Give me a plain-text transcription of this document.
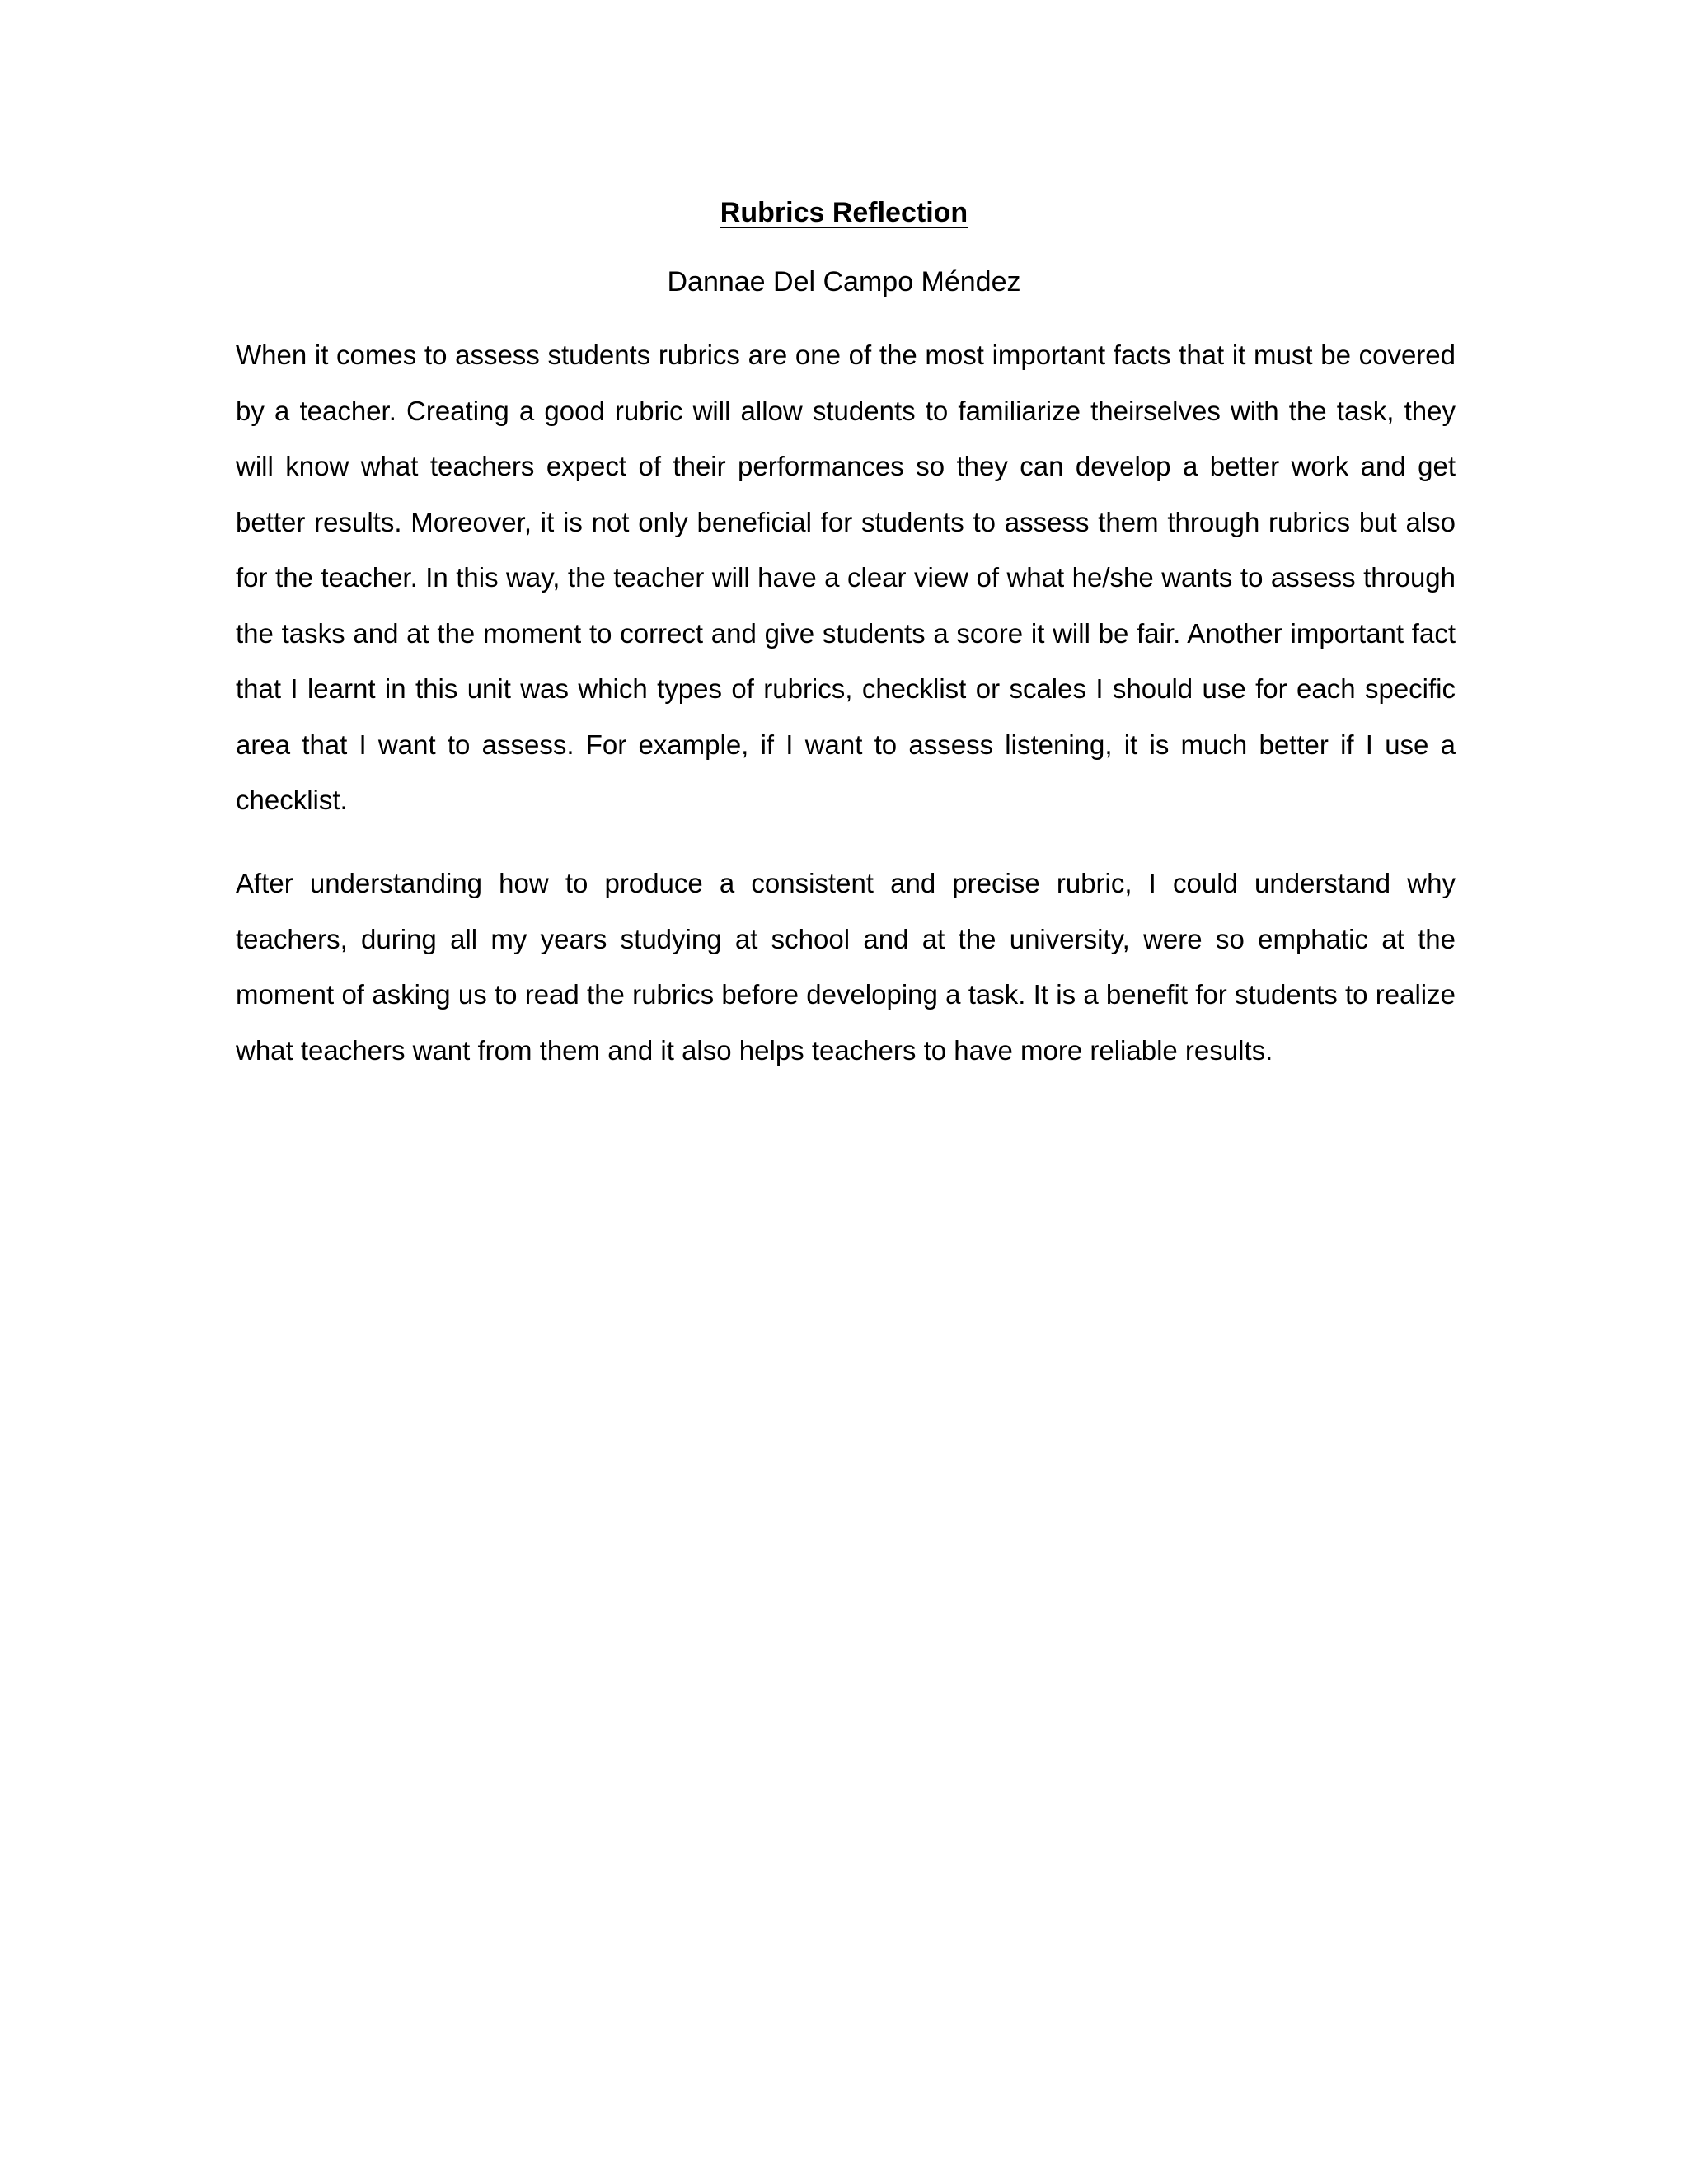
Rubrics Reflection

Dannae Del Campo Méndez

When it comes to assess students rubrics are one of the most important facts that it must be covered by a teacher. Creating a good rubric will allow students to familiarize theirselves with the task, they will know what teachers expect of their performances so they can develop a better work and get better results. Moreover, it is not only beneficial for students to assess them through rubrics but also for the teacher. In this way, the teacher will have a clear view of what he/she wants to assess through the tasks and at the moment to correct and give students a score it will be fair. Another important fact that I learnt in this unit was which types of rubrics, checklist or scales I should use for each specific area that I want to assess. For example, if I want to assess listening, it is much better if I use a checklist.

After understanding how to produce a consistent and precise rubric, I could understand why teachers, during all my years studying at school and at the university, were so emphatic at the moment of asking us to read the rubrics before developing a task. It is a benefit for students to realize what teachers want from them and it also helps teachers to have more reliable results.
